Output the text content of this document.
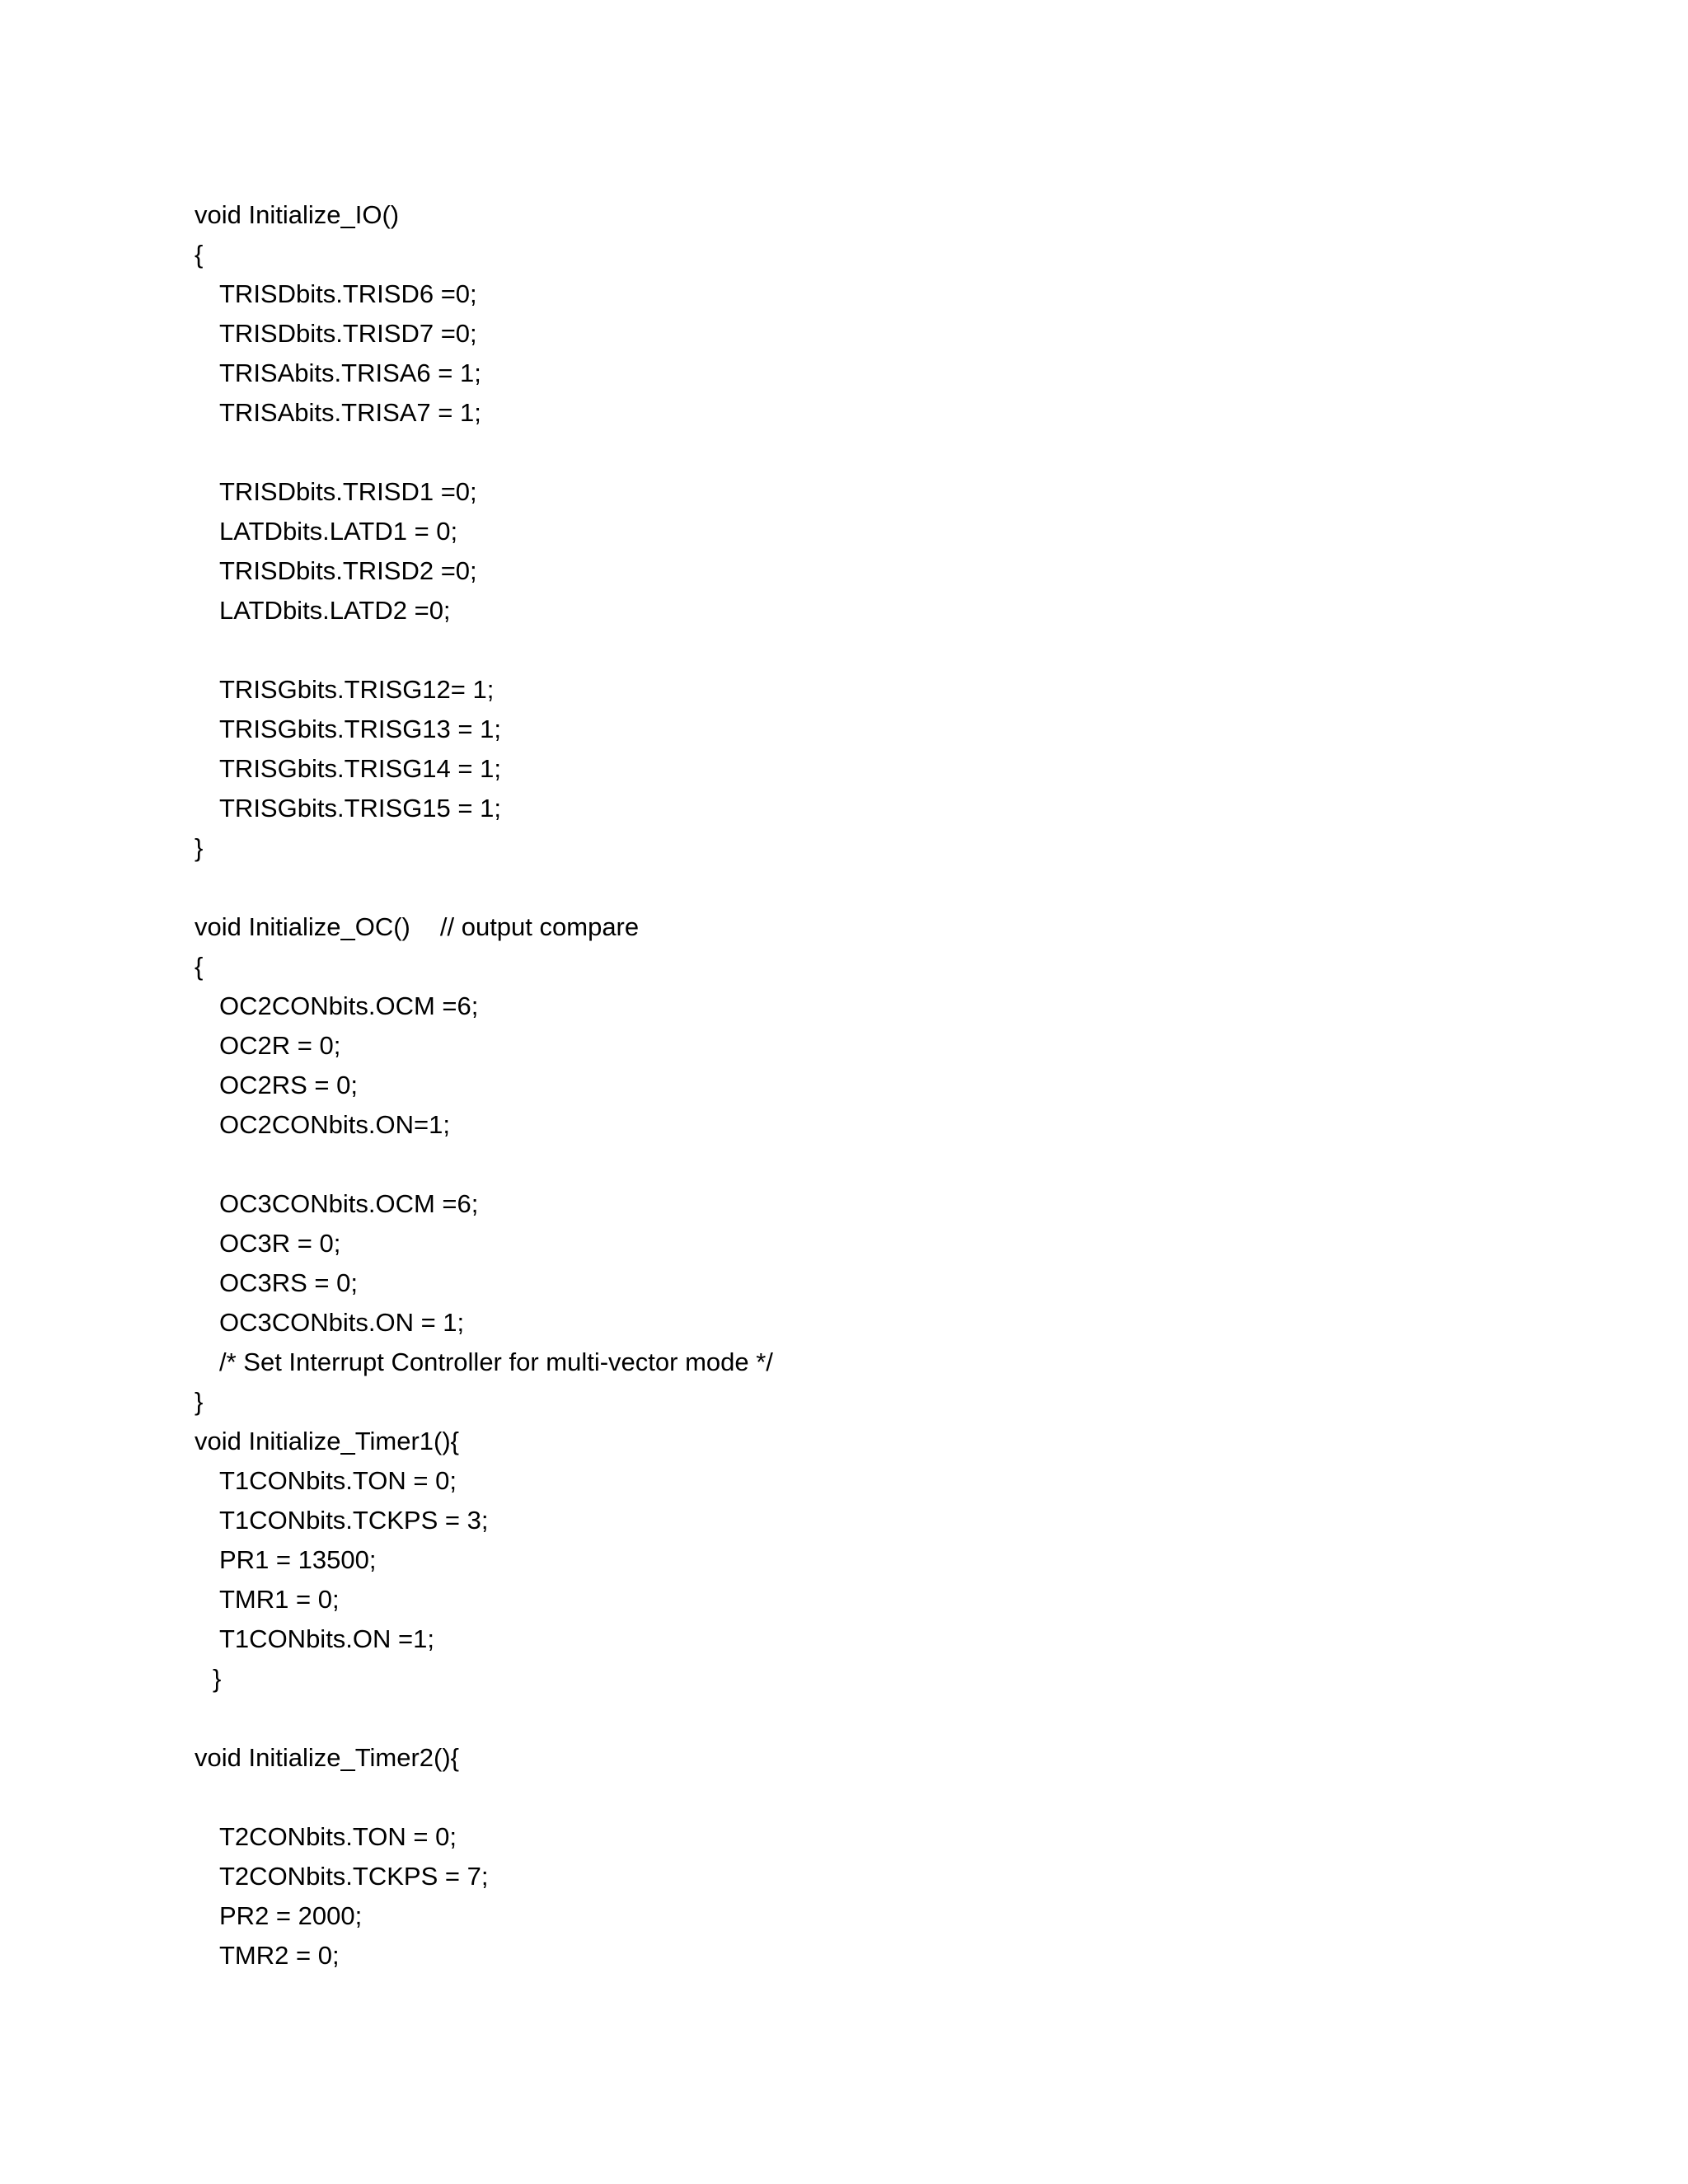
void Initialize_IO()
{
TRISDbits.TRISD6 =0;
TRISDbits.TRISD7 =0;
TRISAbits.TRISA6 = 1;
TRISAbits.TRISA7 = 1;
TRISDbits.TRISD1 =0;
LATDbits.LATD1 = 0;
TRISDbits.TRISD2 =0;
LATDbits.LATD2 =0;
TRISGbits.TRISG12= 1;
TRISGbits.TRISG13 = 1;
TRISGbits.TRISG14 = 1;
TRISGbits.TRISG15 = 1;
}
void Initialize_OC() // output compare
{
OC2CONbits.OCM =6;
OC2R = 0;
OC2RS = 0;
OC2CONbits.ON=1;
OC3CONbits.OCM =6;
OC3R = 0;
OC3RS = 0;
OC3CONbits.ON = 1;
/* Set Interrupt Controller for multi-vector mode */
}
void Initialize_Timer1(){
T1CONbits.TON = 0;
T1CONbits.TCKPS = 3;
PR1 = 13500;
TMR1 = 0;
T1CONbits.ON =1;
}
void Initialize_Timer2(){
T2CONbits.TON = 0;
T2CONbits.TCKPS = 7;
PR2 = 2000;
TMR2 = 0;
